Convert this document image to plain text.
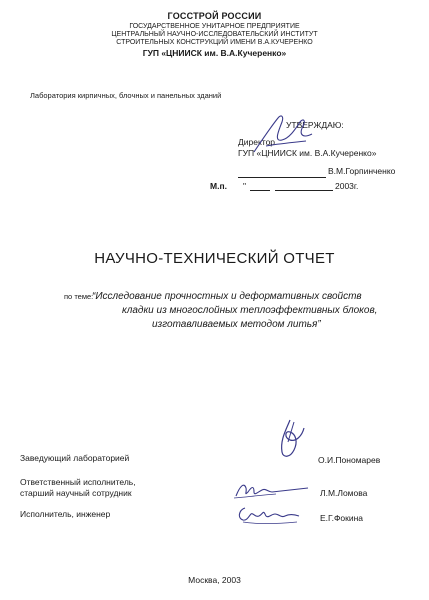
ГОССТРОЙ РОССИИ
ГОСУДАРСТВЕННОЕ УНИТАРНОЕ ПРЕДПРИЯТИЕ
ЦЕНТРАЛЬНЫЙ НАУЧНО-ИССЛЕДОВАТЕЛЬСКИЙ ИНСТИТУТ
СТРОИТЕЛЬНЫХ КОНСТРУКЦИЙ ИМЕНИ В.А.КУЧЕРЕНКО
ГУП «ЦНИИСК им. В.А.Кучеренко»
Лаборатория кирпичных, блочных и панельных зданий
УТВЕРЖДАЮ:
Директор
ГУП «ЦНИИСК им. В.А.Кучеренко»
В.М.Горпинченко
М.п. "	2003г.
НАУЧНО-ТЕХНИЧЕСКИЙ ОТЧЕТ
по теме:
“Исследование прочностных и деформативных свойств
кладки из многослойных теплоэффективных блоков,
изготавливаемых методом литья”
Заведующий лабораторией	О.И.Пономарев
Ответственный исполнитель,
старший научный сотрудник	Л.М.Ломова
Исполнитель, инженер	Е.Г.Фокина
Москва, 2003
